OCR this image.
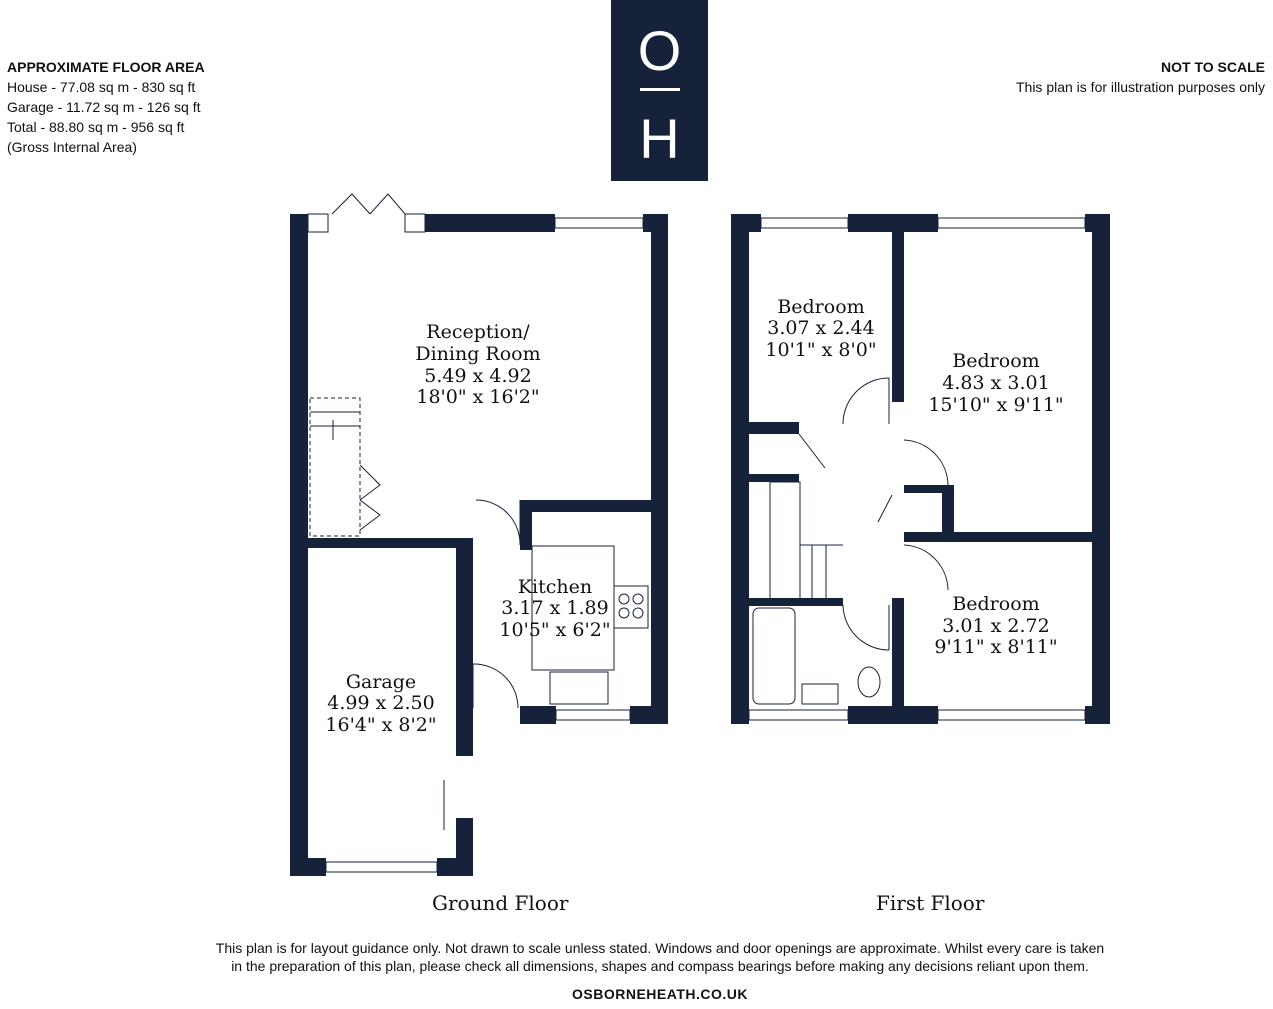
APPROXIMATE FLOOR AREA
House - 77.08 sq m - 830 sq ft
Garage - 11.72 sq m - 126 sq ft
Total - 88.80 sq m - 956 sq ft
(Gross Internal Area)
NOT TO SCALE
This plan is for illustration purposes only
O
H
Reception/
Dining Room
5.49 x 4.92
18'0" x 16'2"
Kitchen
3.17 x 1.89
10'5" x 6'2"
Garage
4.99 x 2.50
16'4" x 8'2"
Bedroom
3.07 x 2.44
10'1" x 8'0"	Bedroom
4.83 x 3.01
15'10" x 9'11"
Bedroom
3.01 x 2.72
9'11" x 8'11"
Ground Floor	First Floor
This plan is for layout guidance only. Not drawn to scale unless stated. Windows and door openings are approximate. Whilst every care is taken
in the preparation of this plan, please check all dimensions, shapes and compass bearings before making any decisions reliant upon them.
OSBORNEHEATH.CO.UK
